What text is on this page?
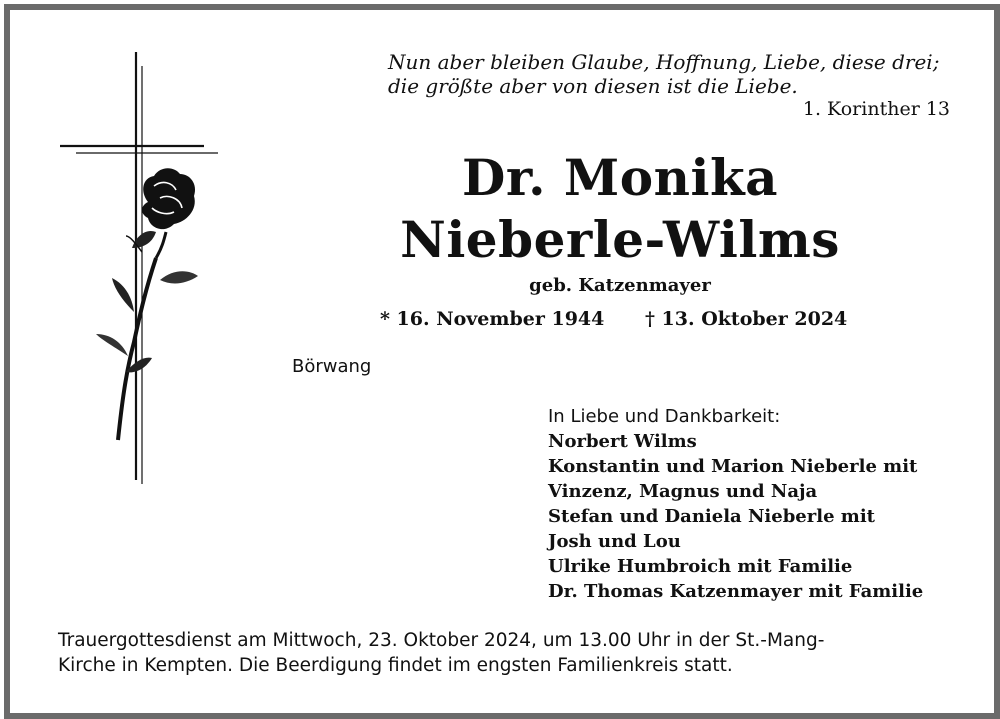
Nun aber bleiben Glaube, Hoffnung, Liebe, diese drei;
die größte aber von diesen ist die Liebe.
1. Korinther 13
Dr. Monika
Nieberle-Wilms
geb. Katzenmayer
* 16. November 1944 † 13. Oktober 2024
Börwang
In Liebe und Dankbarkeit:
Norbert Wilms
Konstantin und Marion Nieberle mit
Vinzenz, Magnus und Naja
Stefan und Daniela Nieberle mit
Josh und Lou
Ulrike Humbroich mit Familie
Dr. Thomas Katzenmayer mit Familie
Trauergottesdienst am Mittwoch, 23. Oktober 2024, um 13.00 Uhr in der St.-Mang-
Kirche in Kempten. Die Beerdigung findet im engsten Familienkreis statt.
